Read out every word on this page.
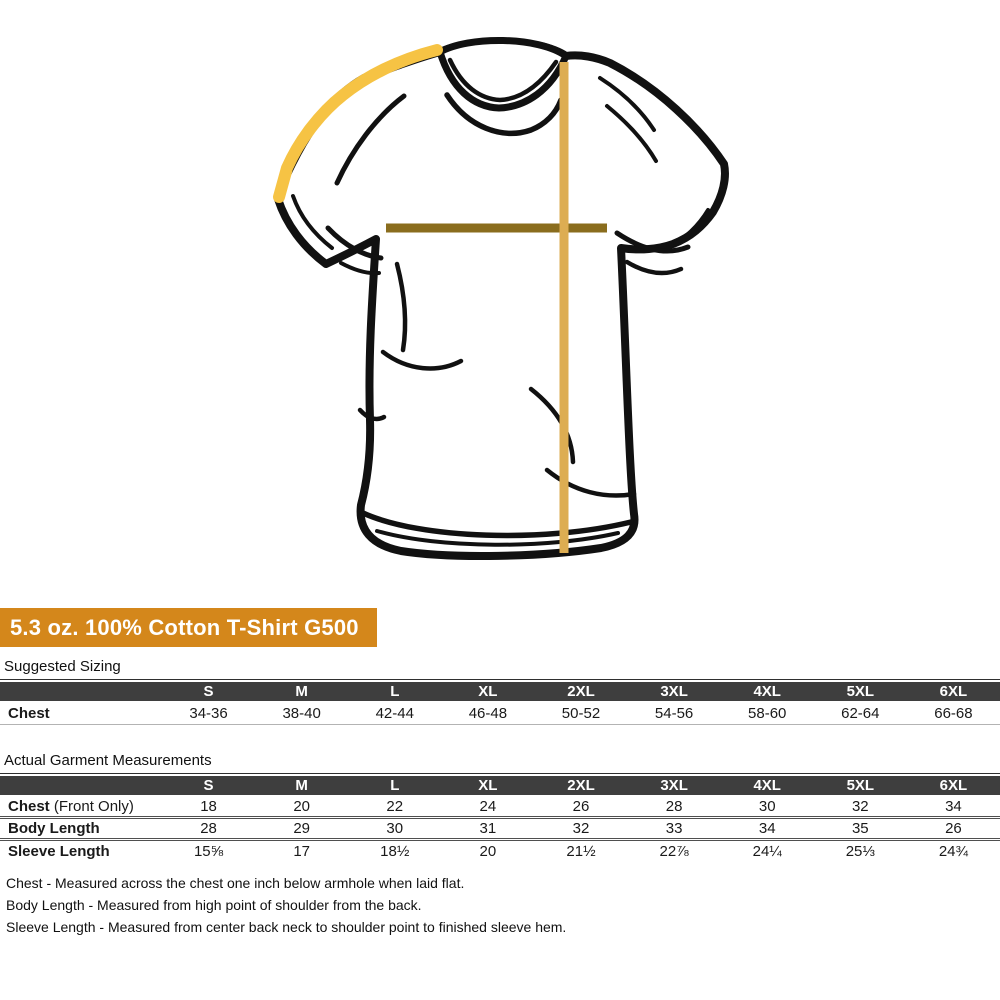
5.3 oz. 100% Cotton T-Shirt G500
Suggested Sizing
	S	M	L	XL	2XL	3XL	4XL	5XL	6XL
Chest	34-36	38-40	42-44	46-48	50-52	54-56	58-60	62-64	66-68
Actual Garment Measurements
	S	M	L	XL	2XL	3XL	4XL	5XL	6XL
Chest (Front Only)	18	20	22	24	26	28	30	32	34
Body Length	28	29	30	31	32	33	34	35	26
Sleeve Length	15⅝	17	18½	20	21½	22⅞	24¼	25⅓	24¾
Chest - Measured across the chest one inch below armhole when laid flat.
Body Length - Measured from high point of shoulder from the back.
Sleeve Length - Measured from center back neck to shoulder point to finished sleeve hem.
